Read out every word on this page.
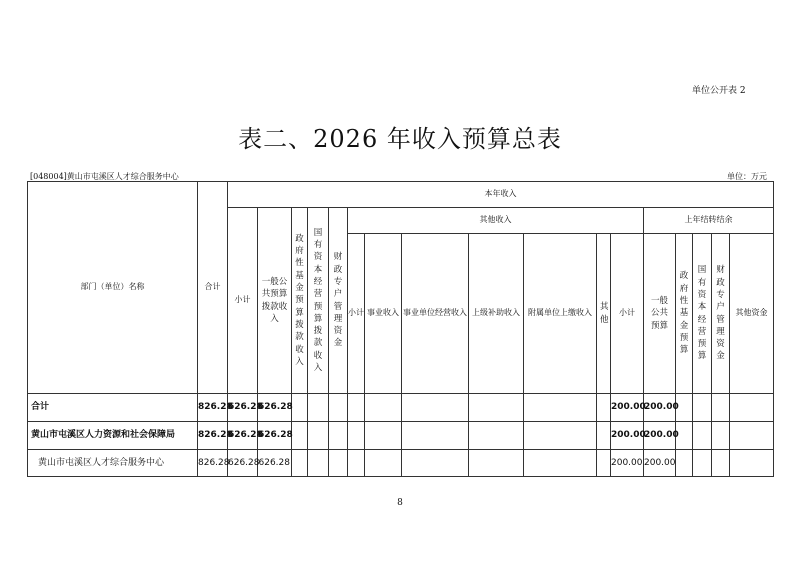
单位公开表 2
表二、2026 年收入预算总表
[048004]黄山市屯溪区人才综合服务中心	单位：万元
部门（单位）名称	合计	本年收入																
		小计	一般公共预算拨款收入	政府性基金预算拨款收入	国有资本经营预算拨款收入	财政专户管理资金	其他收入							上年结转结余				
							小计	事业收入	事业单位经营收入	上级补助收入	附属单位上缴收入	其他	小计	一般公共预算	政府性基金预算	国有资本经营预算	财政专户管理资金	其他资金
合计	826.28	626.28	626.28										200.00	200.00				
黄山市屯溪区人力资源和社会保障局	826.28	626.28	626.28										200.00	200.00				
黄山市屯溪区人才综合服务中心	826.28	626.28	626.28										200.00	200.00				
8
